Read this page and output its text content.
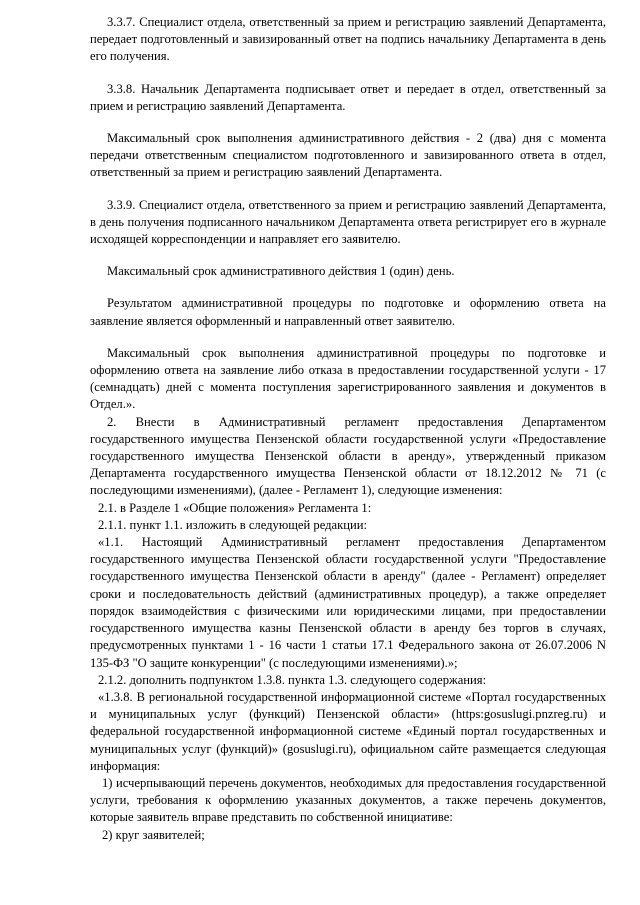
3.3.7. Специалист отдела, ответственный за прием и регистрацию заявлений Департамента, передает подготовленный и завизированный ответ на подпись начальнику Департамента в день его получения.

3.3.8. Начальник Департамента подписывает ответ и передает в отдел, ответственный за прием и регистрацию заявлений Департамента.

Максимальный срок выполнения административного действия - 2 (два) дня с момента передачи ответственным специалистом подготовленного и завизированного ответа в отдел, ответственный за прием и регистрацию заявлений Департамента.

3.3.9. Специалист отдела, ответственного за прием и регистрацию заявлений Департамента, в день получения подписанного начальником Департамента ответа регистрирует его в журнале исходящей корреспонденции и направляет его заявителю.

Максимальный срок административного действия 1 (один) день.

Результатом административной процедуры по подготовке и оформлению ответа на заявление является оформленный и направленный ответ заявителю.

Максимальный срок выполнения административной процедуры по подготовке и оформлению ответа на заявление либо отказа в предоставлении государственной услуги - 17 (семнадцать) дней с момента поступления зарегистрированного заявления и документов в Отдел.».

2. Внести в Административный регламент предоставления Департаментом государственного имущества Пензенской области государственной услуги «Предоставление государственного имущества Пензенской области в аренду», утвержденный приказом Департамента государственного имущества Пензенской области от 18.12.2012 № 71 (с последующими изменениями), (далее - Регламент 1), следующие изменения:

2.1. в Разделе 1 «Общие положения» Регламента 1:

2.1.1. пункт 1.1. изложить в следующей редакции:

«1.1. Настоящий Административный регламент предоставления Департаментом государственного имущества Пензенской области государственной услуги "Предоставление государственного имущества Пензенской области в аренду" (далее - Регламент) определяет сроки и последовательность действий (административных процедур), а также определяет порядок взаимодействия с физическими или юридическими лицами, при предоставлении государственного имущества казны Пензенской области в аренду без торгов в случаях, предусмотренных пунктами 1 - 16 части 1 статьи 17.1 Федерального закона от 26.07.2006 N 135-ФЗ "О защите конкуренции" (с последующими изменениями).»;

2.1.2. дополнить подпунктом 1.3.8. пункта 1.3. следующего содержания:

«1.3.8. В региональной государственной информационной системе «Портал государственных и муниципальных услуг (функций) Пензенской области» (https:gosuslugi.pnzreg.ru) и федеральной государственной информационной системе «Единый портал государственных и муниципальных услуг (функций)» (gosuslugi.ru), официальном сайте размещается следующая информация:

1) исчерпывающий перечень документов, необходимых для предоставления государственной услуги, требования к оформлению указанных документов, а также перечень документов, которые заявитель вправе представить по собственной инициативе:

2) круг заявителей;
